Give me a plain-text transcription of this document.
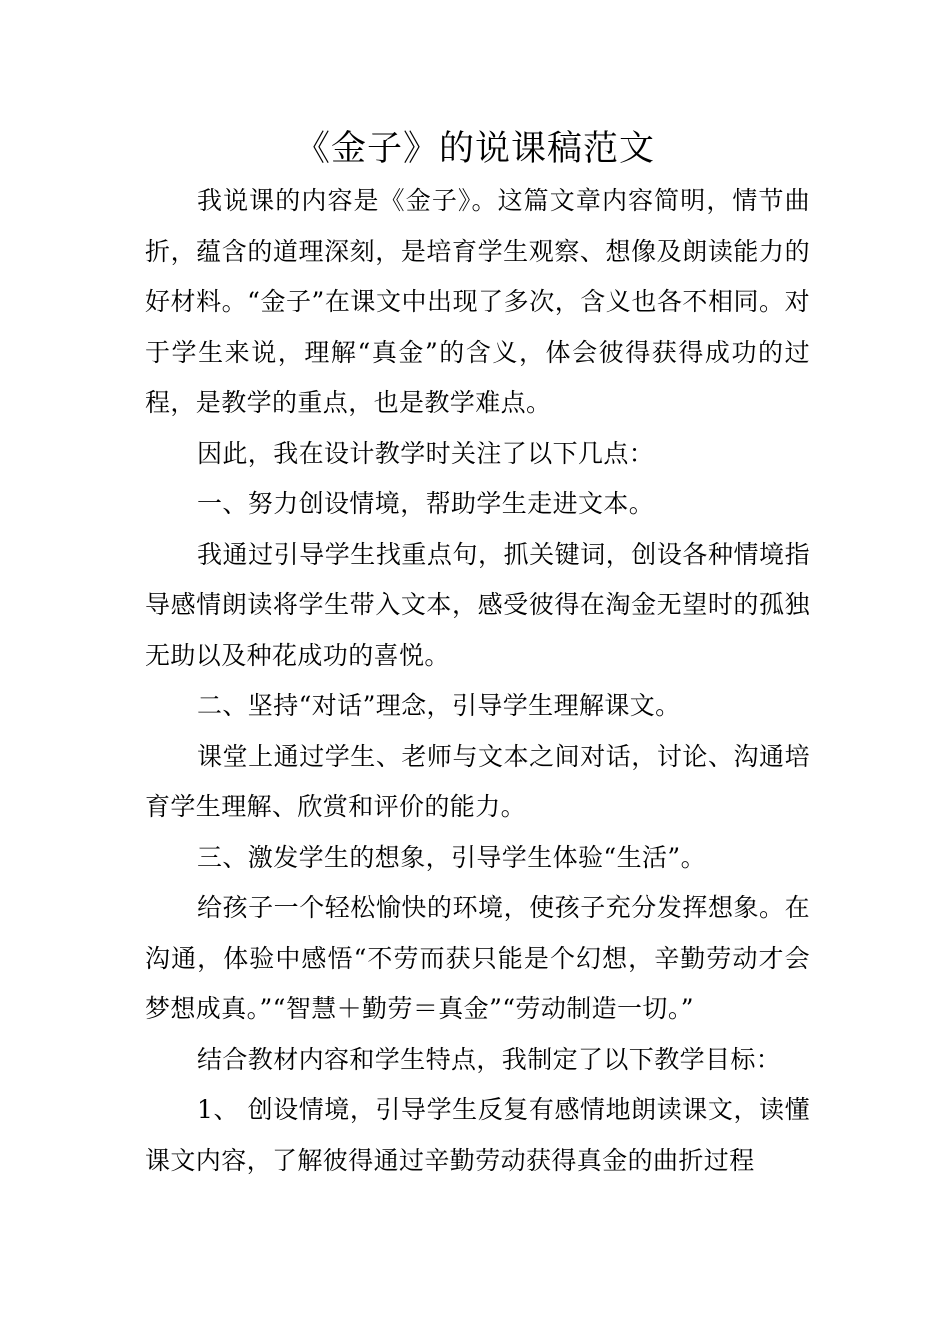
《金子》的说课稿范文

我说课的内容是《金子》。这篇文章内容简明，情节曲折，蕴含的道理深刻，是培育学生观察、想像及朗读能力的好材料。“金子”在课文中出现了多次，含义也各不相同。对于学生来说，理解“真金”的含义，体会彼得获得成功的过程，是教学的重点，也是教学难点。

因此，我在设计教学时关注了以下几点：

一、努力创设情境，帮助学生走进文本。

我通过引导学生找重点句，抓关键词，创设各种情境指导感情朗读将学生带入文本，感受彼得在淘金无望时的孤独无助以及种花成功的喜悦。

二、坚持“对话”理念，引导学生理解课文。

课堂上通过学生、老师与文本之间对话，讨论、沟通培育学生理解、欣赏和评价的能力。

三、激发学生的想象，引导学生体验“生活”。

给孩子一个轻松愉快的环境，使孩子充分发挥想象。在沟通，体验中感悟“不劳而获只能是个幻想，辛勤劳动才会梦想成真。”“智慧＋勤劳＝真金”“劳动制造一切。”

结合教材内容和学生特点，我制定了以下教学目标：

1、 创设情境，引导学生反复有感情地朗读课文，读懂课文内容，了解彼得通过辛勤劳动获得真金的曲折过程
